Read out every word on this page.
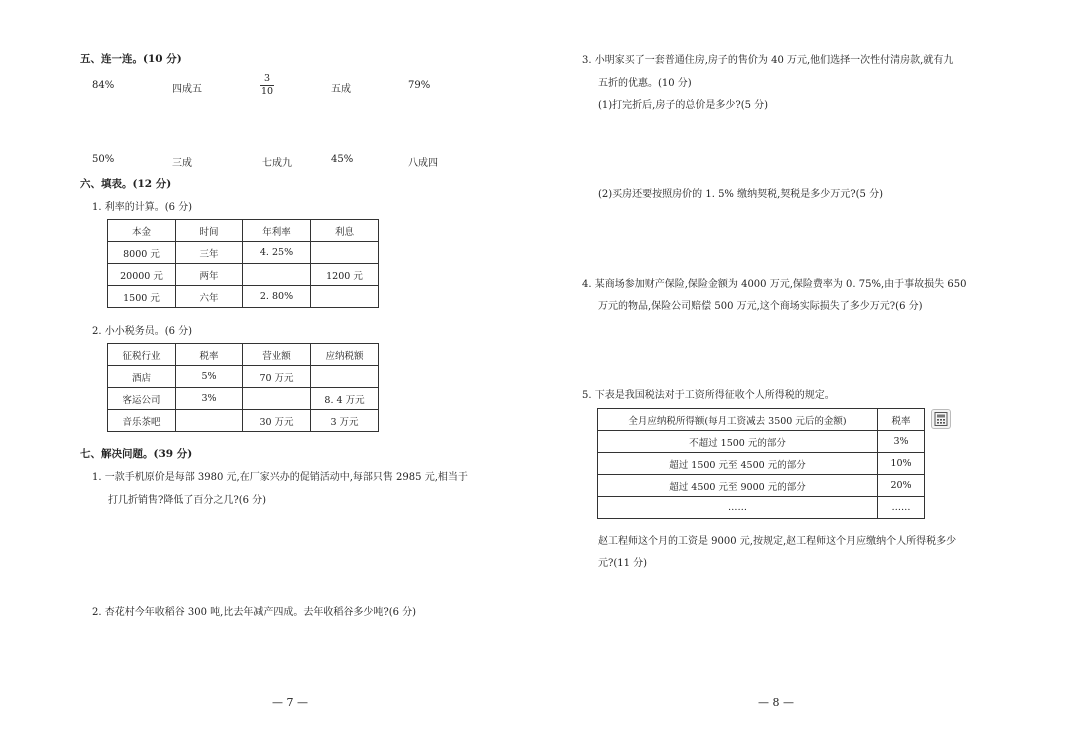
五、连一连。(10 分)
84%	四成五	$\frac{3}{10}$	五成	79%
50%	三成	七成九	45%	八成四
六、填表。(12 分)
1. 利率的计算。(6 分)
本金	时间	年利率	利息
8000 元	三年	4. 25%	
20000 元	两年		1200 元
1500 元	六年	2. 80%	
2. 小小税务员。(6 分)
征税行业	税率	营业额	应纳税额
酒店	5%	70 万元	
客运公司	3%		8. 4 万元
音乐茶吧		30 万元	3 万元
七、解决问题。(39 分)
1. 一款手机原价是每部 3980 元,在厂家兴办的促销活动中,每部只售 2985 元,相当于
打几折销售?降低了百分之几?(6 分)
2. 杏花村今年收稻谷 300 吨,比去年减产四成。去年收稻谷多少吨?(6 分)
— 7 —
3. 小明家买了一套普通住房,房子的售价为 40 万元,他们选择一次性付清房款,就有九
五折的优惠。(10 分)
(1)打完折后,房子的总价是多少?(5 分)
(2)买房还要按照房价的 1. 5% 缴纳契税,契税是多少万元?(5 分)
4. 某商场参加财产保险,保险金额为 4000 万元,保险费率为 0. 75%,由于事故损失 650
万元的物品,保险公司赔偿 500 万元,这个商场实际损失了多少万元?(6 分)
5. 下表是我国税法对于工资所得征收个人所得税的规定。
全月应纳税所得额(每月工资减去 3500 元后的金额)	税率
不超过 1500 元的部分	3%
超过 1500 元至 4500 元的部分	10%
超过 4500 元至 9000 元的部分	20%
……	……
赵工程师这个月的工资是 9000 元,按规定,赵工程师这个月应缴纳个人所得税多少
元?(11 分)
— 8 —
